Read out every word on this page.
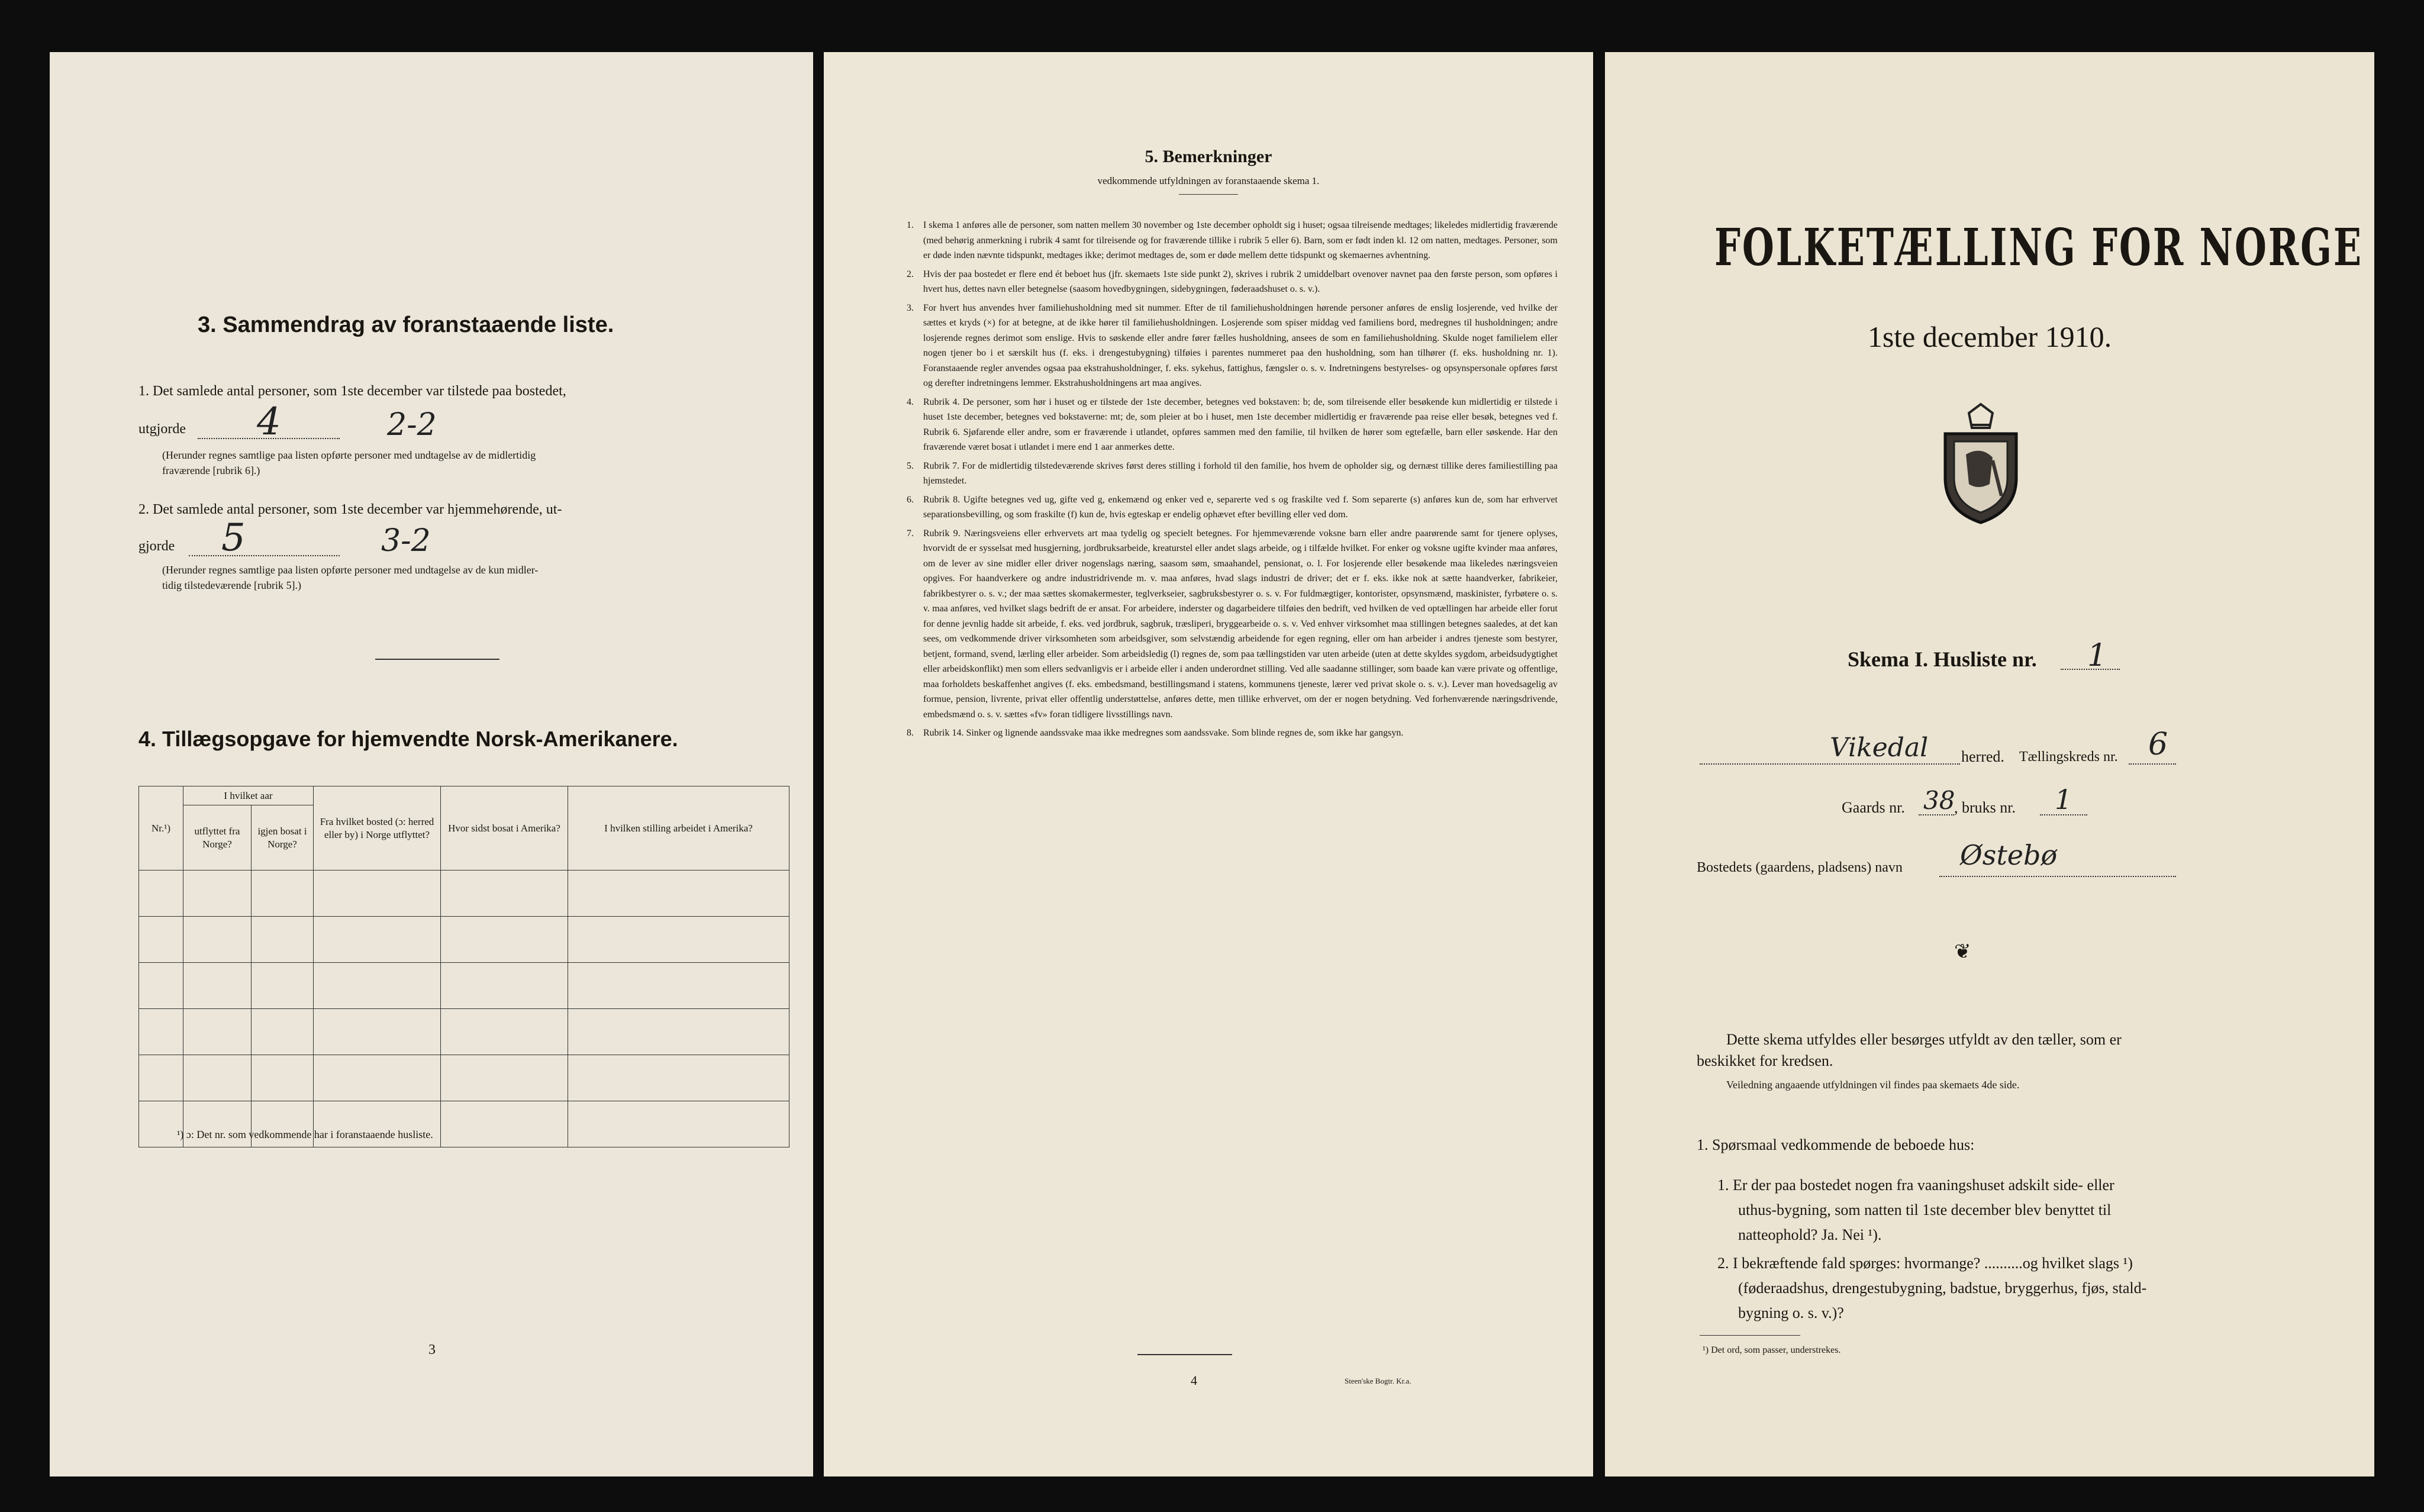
3. Sammendrag av foranstaaende liste.
1. Det samlede antal personer, som 1ste december var tilstede paa bostedet,
utgjorde 4	2-2
(Herunder regnes samtlige paa listen opførte personer med undtagelse av de midlertidig
fraværende [rubrik 6].)
2. Det samlede antal personer, som 1ste december var hjemmehørende, ut-
gjorde 5	3-2
(Herunder regnes samtlige paa listen opførte personer med undtagelse av de kun midler-
tidig tilstedeværende [rubrik 5].)
4. Tillægsopgave for hjemvendte Norsk-Amerikanere.
Nr.¹)	I hvilket aar		Fra hvilket bosted (ɔ: herred eller by) i Norge utflyttet?	Hvor sidst bosat i Amerika?	I hvilken stilling arbeidet i Amerika?
	utflyttet fra Norge?	igjen bosat i Norge?			

¹) ɔ: Det nr. som vedkommende har i foranstaaende husliste.
3
5. Bemerkninger
vedkommende utfyldningen av foranstaaende skema 1.
1.	I skema 1 anføres alle de personer, som natten mellem 30 november og 1ste december opholdt sig i huset; ogsaa tilreisende medtages; likeledes midlertidig fraværende (med behørig anmerkning i rubrik 4 samt for tilreisende og for fraværende tillike i rubrik 5 eller 6). Barn, som er født inden kl. 12 om natten, medtages. Personer, som er døde inden nævnte tidspunkt, medtages ikke; derimot medtages de, som er døde mellem dette tidspunkt og skemaernes avhentning.
2.	Hvis der paa bostedet er flere end ét beboet hus (jfr. skemaets 1ste side punkt 2), skrives i rubrik 2 umiddelbart ovenover navnet paa den første person, som opføres i hvert hus, dettes navn eller betegnelse (saasom hovedbygningen, sidebygningen, føderaadshuset o. s. v.).
3.	For hvert hus anvendes hver familiehusholdning med sit nummer. Efter de til familiehusholdningen hørende personer anføres de enslig losjerende, ved hvilke der sættes et kryds (×) for at betegne, at de ikke hører til familiehusholdningen. Losjerende som spiser middag ved familiens bord, medregnes til husholdningen; andre losjerende regnes derimot som enslige. Hvis to søskende eller andre fører fælles husholdning, ansees de som en familiehusholdning. Skulde noget familielem eller nogen tjener bo i et særskilt hus (f. eks. i drengestubygning) tilføies i parentes nummeret paa den husholdning, som han tilhører (f. eks. husholdning nr. 1). Foranstaaende regler anvendes ogsaa paa ekstrahusholdninger, f. eks. sykehus, fattighus, fængsler o. s. v. Indretningens bestyrelses- og opsynspersonale opføres først og derefter indretningens lemmer. Ekstrahusholdningens art maa angives.
4.	Rubrik 4. De personer, som hør i huset og er tilstede der 1ste december, betegnes ved bokstaven: b; de, som tilreisende eller besøkende kun midlertidig er tilstede i huset 1ste december, betegnes ved bokstaverne: mt; de, som pleier at bo i huset, men 1ste december midlertidig er fraværende paa reise eller besøk, betegnes ved f. Rubrik 6. Sjøfarende eller andre, som er fraværende i utlandet, opføres sammen med den familie, til hvilken de hører som egtefælle, barn eller søskende. Har den fraværende været bosat i utlandet i mere end 1 aar anmerkes dette.
5.	Rubrik 7. For de midlertidig tilstedeværende skrives først deres stilling i forhold til den familie, hos hvem de opholder sig, og dernæst tillike deres familiestilling paa hjemstedet.
6.	Rubrik 8. Ugifte betegnes ved ug, gifte ved g, enkemænd og enker ved e, separerte ved s og fraskilte ved f. Som separerte (s) anføres kun de, som har erhvervet separationsbevilling, og som fraskilte (f) kun de, hvis egteskap er endelig ophævet efter bevilling eller ved dom.
7.	Rubrik 9. Næringsveiens eller erhvervets art maa tydelig og specielt betegnes. For hjemmeværende voksne barn eller andre paarørende samt for tjenere oplyses, hvorvidt de er sysselsat med husgjerning, jordbruksarbeide, kreaturstel eller andet slags arbeide, og i tilfælde hvilket. For enker og voksne ugifte kvinder maa anføres, om de lever av sine midler eller driver nogenslags næring, saasom søm, smaahandel, pensionat, o. l. For losjerende eller besøkende maa likeledes næringsveien opgives. For haandverkere og andre industridrivende m. v. maa anføres, hvad slags industri de driver; det er f. eks. ikke nok at sætte haandverker, fabrikeier, fabrikbestyrer o. s. v.; der maa sættes skomakermester, teglverkseier, sagbruksbestyrer o. s. v. For fuldmægtiger, kontorister, opsynsmænd, maskinister, fyrbøtere o. s. v. maa anføres, ved hvilket slags bedrift de er ansat. For arbeidere, inderster og dagarbeidere tilføies den bedrift, ved hvilken de ved optællingen har arbeide eller forut for denne jevnlig hadde sit arbeide, f. eks. ved jordbruk, sagbruk, træsliperi, bryggearbeide o. s. v. Ved enhver virksomhet maa stillingen betegnes saaledes, at det kan sees, om vedkommende driver virksomheten som arbeidsgiver, som selvstændig arbeidende for egen regning, eller om han arbeider i andres tjeneste som bestyrer, betjent, formand, svend, lærling eller arbeider. Som arbeidsledig (l) regnes de, som paa tællingstiden var uten arbeide (uten at dette skyldes sygdom, arbeidsudygtighet eller arbeidskonflikt) men som ellers sedvanligvis er i arbeide eller i anden underordnet stilling. Ved alle saadanne stillinger, som baade kan være private og offentlige, maa forholdets beskaffenhet angives (f. eks. embedsmand, bestillingsmand i statens, kommunens tjeneste, lærer ved privat skole o. s. v.). Lever man hovedsagelig av formue, pension, livrente, privat eller offentlig understøttelse, anføres dette, men tillike erhvervet, om der er nogen betydning. Ved forhenværende næringsdrivende, embedsmænd o. s. v. sættes «fv» foran tidligere livsstillings navn.
8.	Rubrik 14. Sinker og lignende aandssvake maa ikke medregnes som aandssvake. Som blinde regnes de, som ikke har gangsyn.
4	Steen'ske Bogtr. Kr.a.
FOLKETÆLLING FOR NORGE
1ste december 1910.
Skema I. Husliste nr. 1
Vikedal herred. Tællingskreds nr. 6
Gaards nr. 38
, bruks nr. 1
Bostedets (gaardens, pladsens) navn Østebø
❦
Dette skema utfyldes eller besørges utfyldt av den tæller, som er
beskikket for kredsen.
Veiledning angaaende utfyldningen vil findes paa skemaets 4de side.
1. Spørsmaal vedkommende de beboede hus:
1. Er der paa bostedet nogen fra vaaningshuset adskilt side- eller
uthus-bygning, som natten til 1ste december blev benyttet til
natteophold? Ja. Nei ¹).
2. I bekræftende fald spørges: hvormange? ..........og hvilket slags ¹)
(føderaadshus, drengestubygning, badstue, bryggerhus, fjøs, stald-
bygning o. s. v.)?
¹) Det ord, som passer, understrekes.
